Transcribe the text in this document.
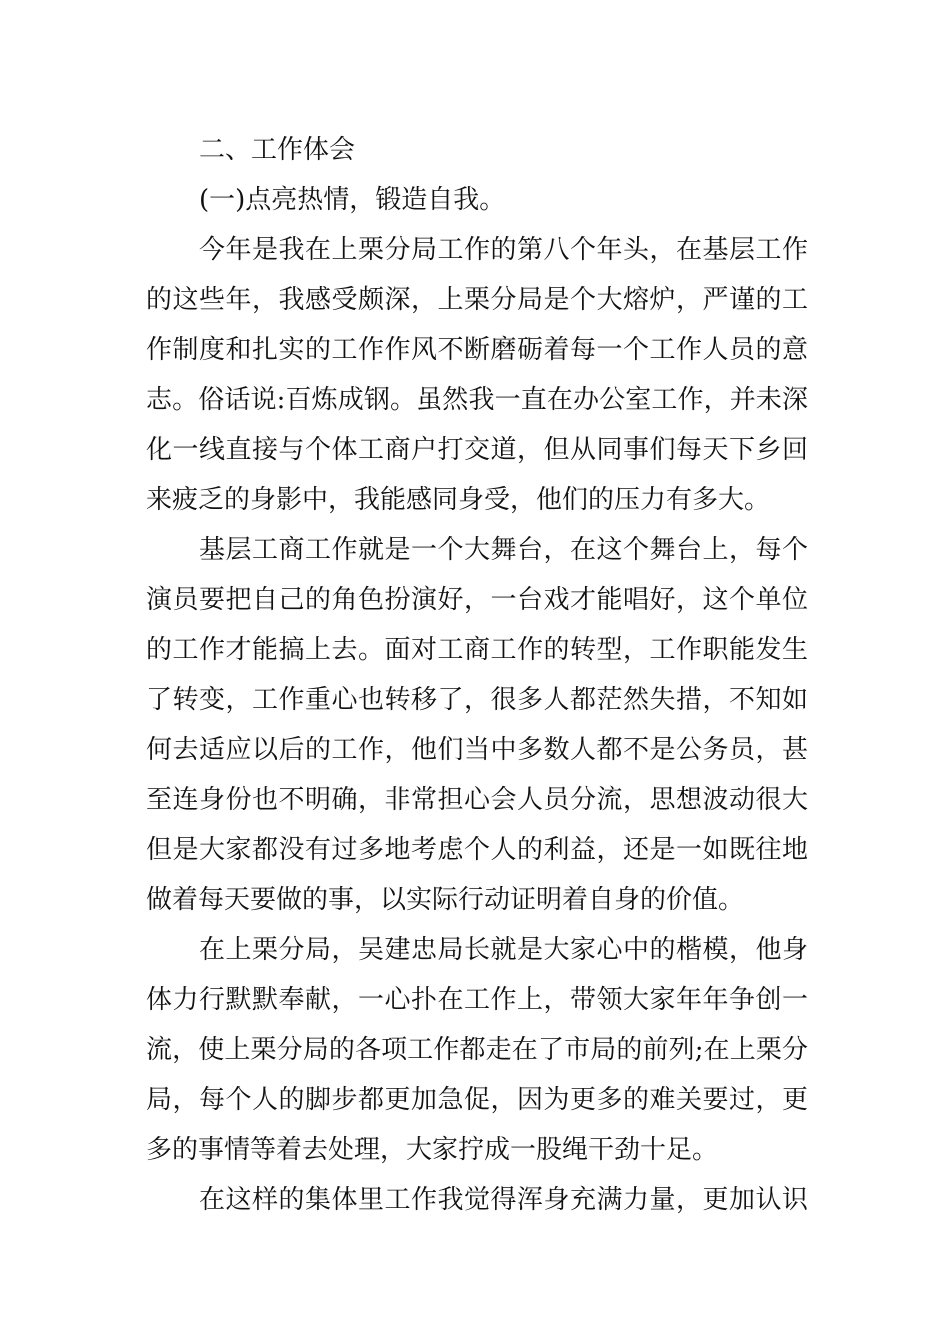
二、工作体会
(一)点亮热情，锻造自我。
今年是我在上栗分局工作的第八个年头，在基层工作
的这些年，我感受颇深，上栗分局是个大熔炉，严谨的工
作制度和扎实的工作作风不断磨砺着每一个工作人员的意
志。俗话说:百炼成钢。虽然我一直在办公室工作，并未深
化一线直接与个体工商户打交道，但从同事们每天下乡回
来疲乏的身影中，我能感同身受，他们的压力有多大。
基层工商工作就是一个大舞台，在这个舞台上，每个
演员要把自己的角色扮演好，一台戏才能唱好，这个单位
的工作才能搞上去。面对工商工作的转型，工作职能发生
了转变，工作重心也转移了，很多人都茫然失措，不知如
何去适应以后的工作，他们当中多数人都不是公务员，甚
至连身份也不明确，非常担心会人员分流，思想波动很大
但是大家都没有过多地考虑个人的利益，还是一如既往地
做着每天要做的事，以实际行动证明着自身的价值。
在上栗分局，吴建忠局长就是大家心中的楷模，他身
体力行默默奉献，一心扑在工作上，带领大家年年争创一
流，使上栗分局的各项工作都走在了市局的前列;在上栗分
局，每个人的脚步都更加急促，因为更多的难关要过，更
多的事情等着去处理，大家拧成一股绳干劲十足。
在这样的集体里工作我觉得浑身充满力量，更加认识
